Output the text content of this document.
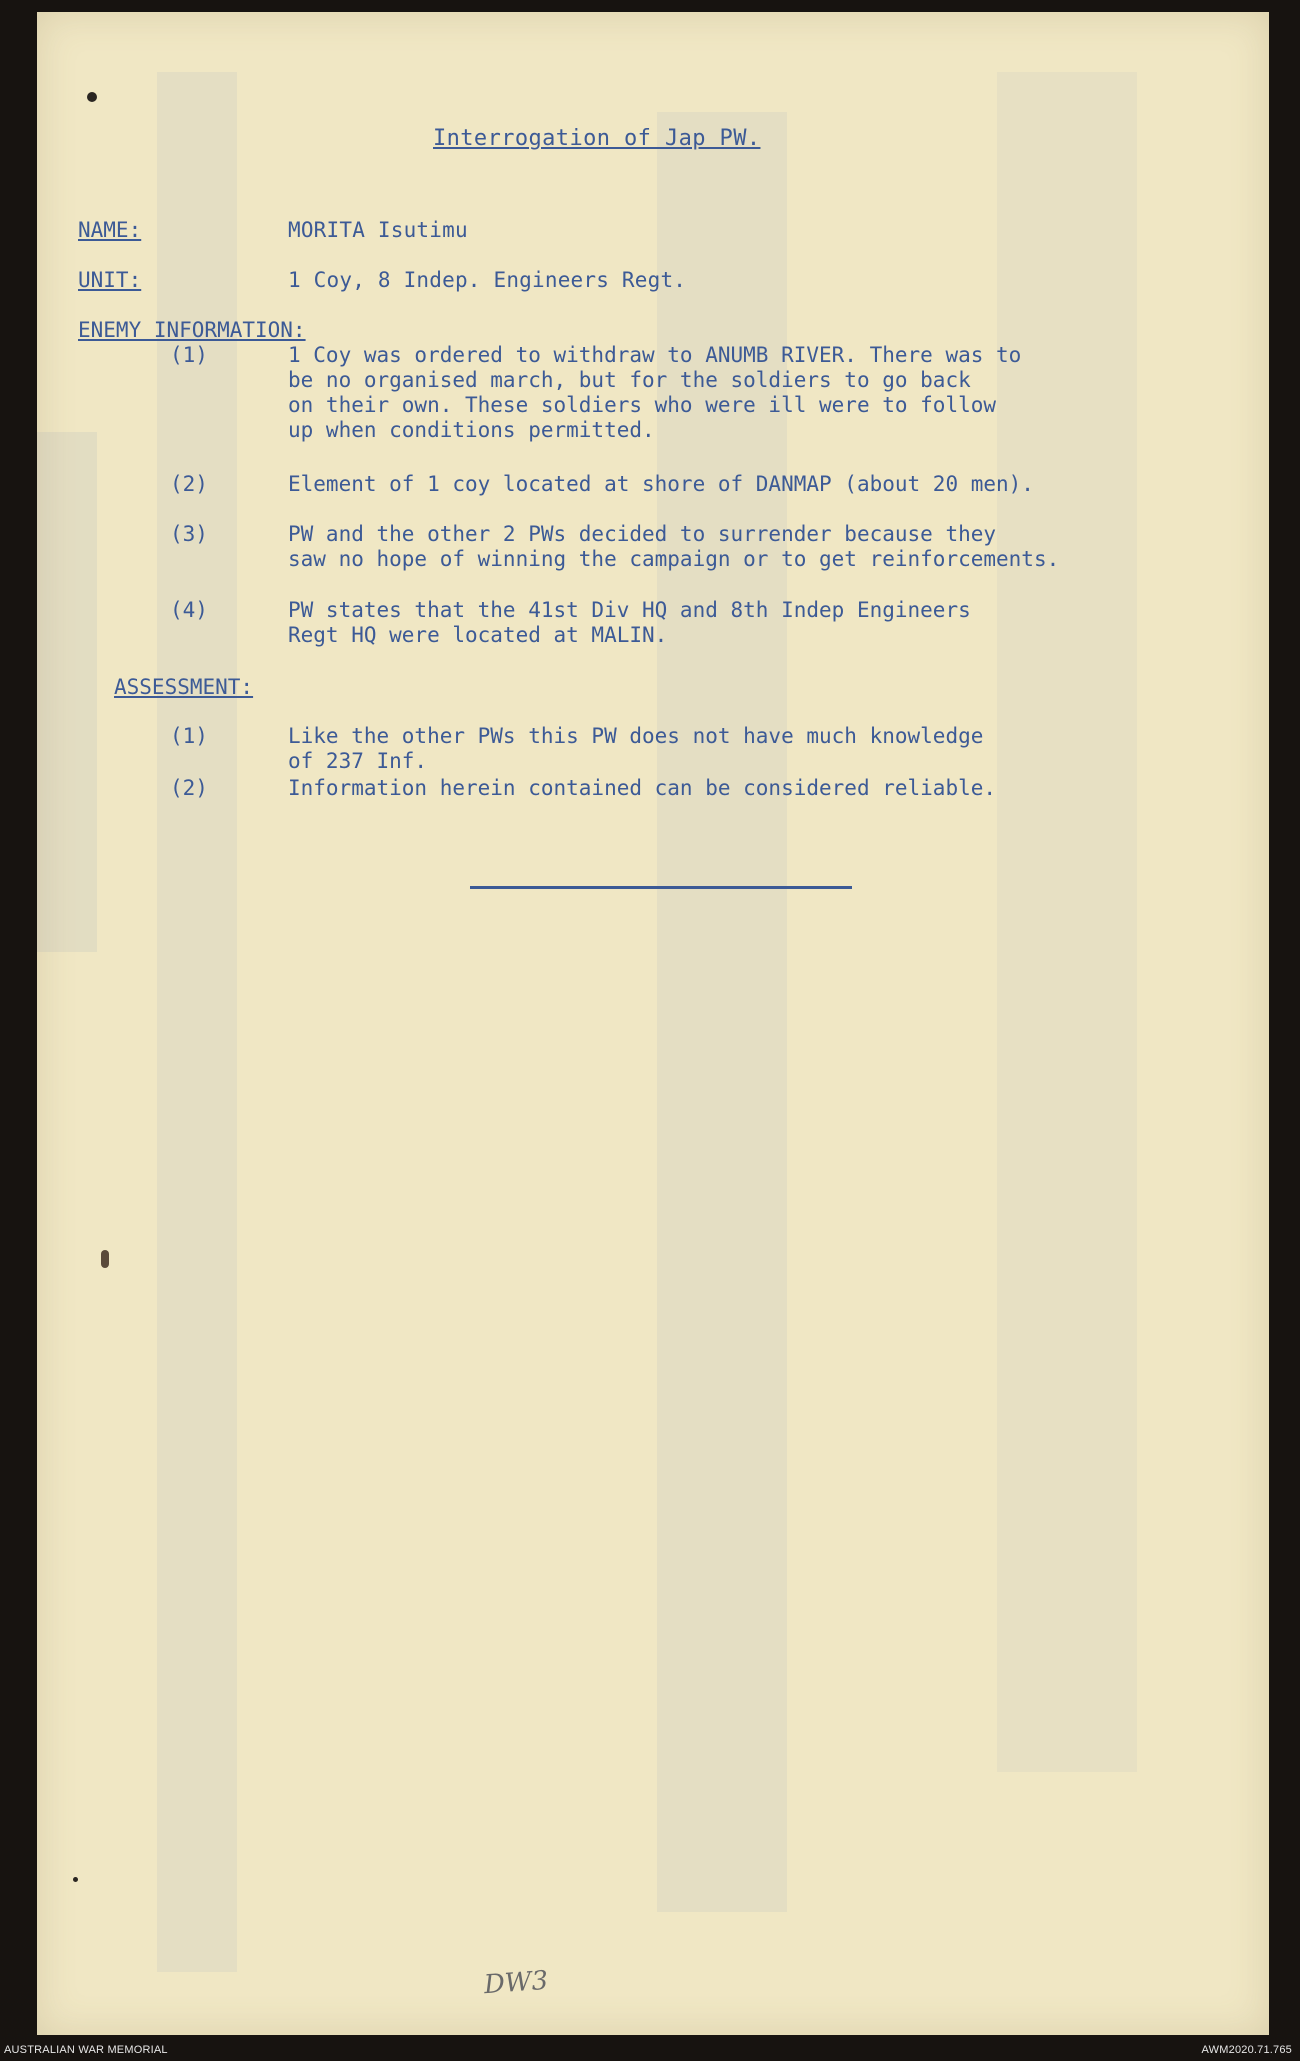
Interrogation of Jap PW.
NAME:	MORITA Isutimu
UNIT:	1 Coy, 8 Indep. Engineers Regt.
ENEMY INFORMATION:
(1)	1 Coy was ordered to withdraw to ANUMB RIVER. There was to
be no organised march, but for the soldiers to go back
on their own. These soldiers who were ill were to follow
up when conditions permitted.
(2)	Element of 1 coy located at shore of DANMAP (about 20 men).
(3)	PW and the other 2 PWs decided to surrender because they
saw no hope of winning the campaign or to get reinforcements.
(4)	PW states that the 41st Div HQ and 8th Indep Engineers
Regt HQ were located at MALIN.
ASSESSMENT:
(1)	Like the other PWs this PW does not have much knowledge
of 237 Inf.
(2)	Information herein contained can be considered reliable.
DW3
AUSTRALIAN WAR MEMORIAL	AWM2020.71.765
